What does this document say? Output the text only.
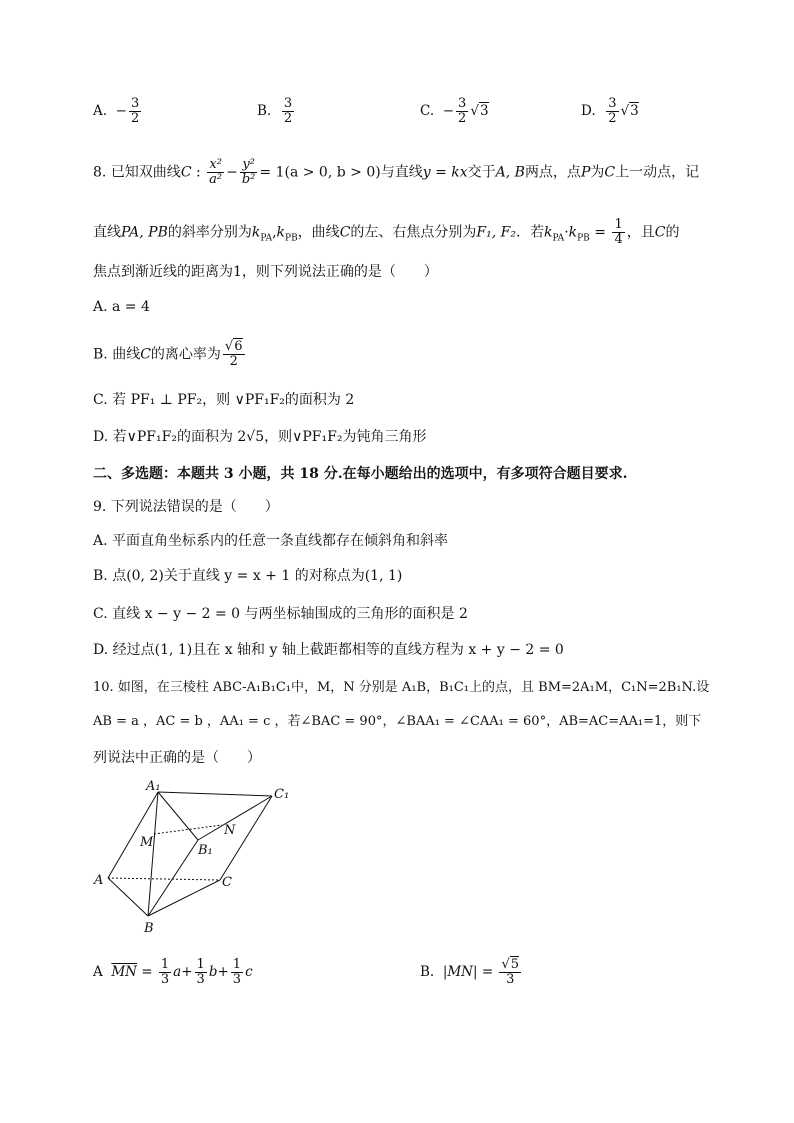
A. − $\frac{3}{2}$	B. $\frac{3}{2}$	C. − $\frac{3}{2} √3$	D. $\frac{3}{2} √3$
8. 已知双曲线C : $\frac{\text{x²}}{\text{a²}} - \frac{\text{y²}}{\text{b²}} = 1(a > 0$, b > 0)与直线y = kx交于A, B两点，点P为C上一动点，记
直线PA, PB的斜率分别为$k_{PA},k_{PB}$，曲线C的左、右焦点分别为F₁, F₂．若$k_{PA}\cdot k_{PB} = \frac{1}{4}$ ，且C的
焦点到渐近线的距离为1，则下列说法正确的是（　　）
A. a = 4
B. 曲线C的离心率为 $\frac{√6}{2}$
C. 若 PF₁ ⊥ PF₂，则 ∨PF₁F₂的面积为 2
D. 若∨PF₁F₂的面积为 2√5，则∨PF₁F₂为钝角三角形
二、多选题：本题共 3 小题，共 18 分.在每小题给出的选项中，有多项符合题目要求.
9. 下列说法错误的是（　　）
A. 平面直角坐标系内的任意一条直线都存在倾斜角和斜率
B. 点(0, 2)关于直线 y = x + 1 的对称点为(1, 1)
C. 直线 x − y − 2 = 0 与两坐标轴围成的三角形的面积是 2
D. 经过点(1, 1)且在 x 轴和 y 轴上截距都相等的直线方程为 x + y − 2 = 0
10. 如图，在三棱柱 ABC-A₁B₁C₁中，M，N 分别是 A₁B，B₁C₁上的点，且 BM=2A₁M，C₁N=2B₁N.设
AB = a ，AC = b ，AA₁ = c ，若∠BAC = 90°，∠BAA₁ = ∠CAA₁ = 60°，AB=AC=AA₁=1，则下
列说法中正确的是（　　）
A₁
C₁
M
N
B₁
A	C
B
A $\overline{MN} = \frac{1}{3} a+ \frac{1}{3} b+ \frac{1}{3}$ c	B. $|MN| = \frac{√5}{3}$
